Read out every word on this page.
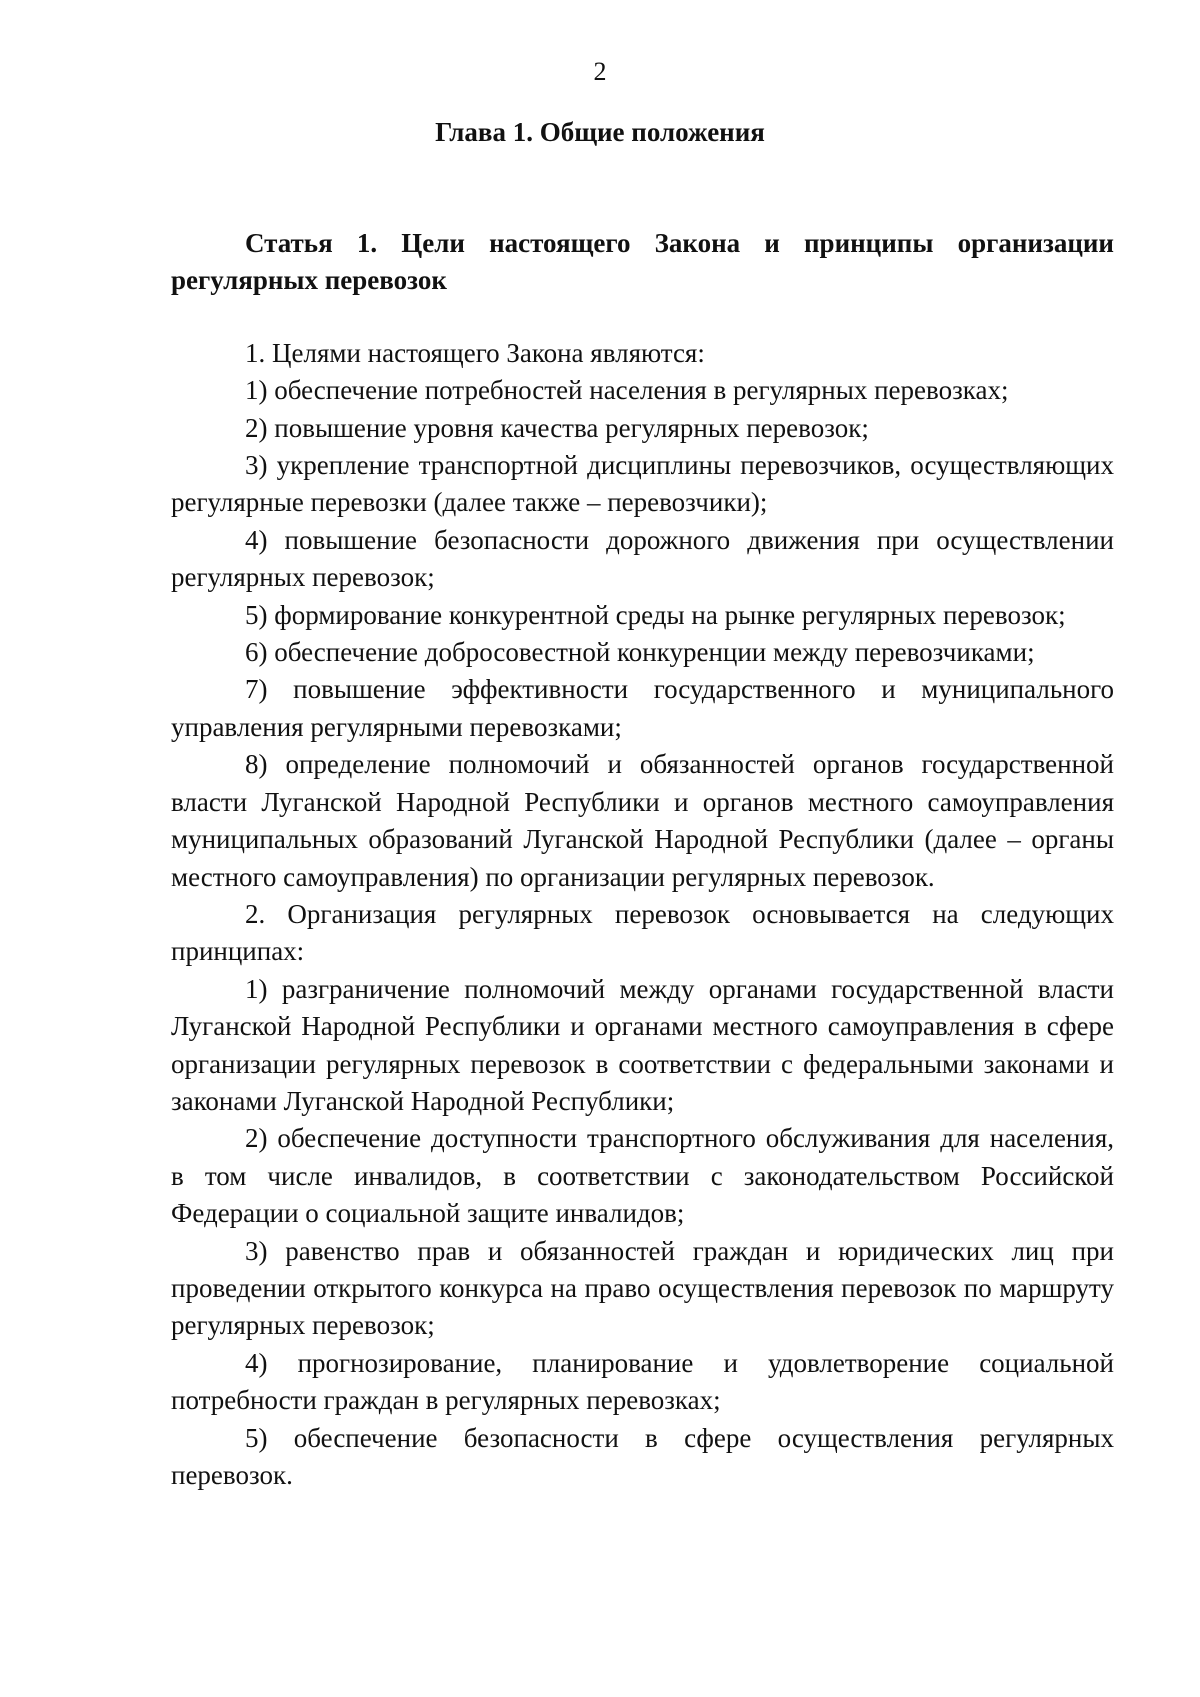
2
Глава 1. Общие положения

Статья 1. Цели настоящего Закона и принципы организации регулярных перевозок

1. Целями настоящего Закона являются:

1) обеспечение потребностей населения в регулярных перевозках;

2) повышение уровня качества регулярных перевозок;

3) укрепление транспортной дисциплины перевозчиков, осуществляющих регулярные перевозки (далее также – перевозчики);

4) повышение безопасности дорожного движения при осуществлении регулярных перевозок;

5) формирование конкурентной среды на рынке регулярных перевозок;

6) обеспечение добросовестной конкуренции между перевозчиками;

7) повышение эффективности государственного и муниципального управления регулярными перевозками;

8) определение полномочий и обязанностей органов государственной власти Луганской Народной Республики и органов местного самоуправления муниципальных образований Луганской Народной Республики (далее – органы местного самоуправления) по организации регулярных перевозок.

2. Организация регулярных перевозок основывается на следующих принципах:

1) разграничение полномочий между органами государственной власти Луганской Народной Республики и органами местного самоуправления в сфере организации регулярных перевозок в соответствии с федеральными законами и законами Луганской Народной Республики;

2) обеспечение доступности транспортного обслуживания для населения, в том числе инвалидов, в соответствии с законодательством Российской Федерации о социальной защите инвалидов;

3) равенство прав и обязанностей граждан и юридических лиц при проведении открытого конкурса на право осуществления перевозок по маршруту регулярных перевозок;

4) прогнозирование, планирование и удовлетворение социальной потребности граждан в регулярных перевозках;

5) обеспечение безопасности в сфере осуществления регулярных перевозок.
